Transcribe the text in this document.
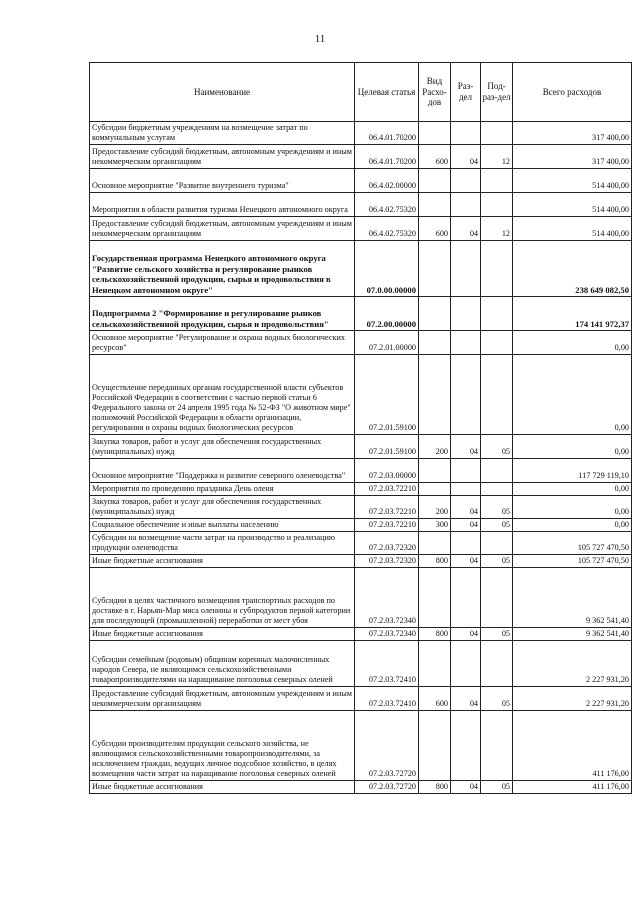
11
Наименование	Целевая статья	Вид Расхо-дов	Раз-дел	Под-раз-дел	Всего расходов
Субсидии бюджетным учреждениям на возмещение затрат по коммунальным услугам	06.4.01.70200				317 400,00
Предоставление субсидий бюджетным, автономным учреждениям и иным некоммерческим организациям	06.4.01.70200	600	04	12	317 400,00
Основное мероприятие "Развитие внутреннего туризма"	06.4.02.00000				514 400,00
Мероприятия в области развития туризма Ненецкого автономного округа	06.4.02.75320				514 400,00
Предоставление субсидий бюджетным, автономным учреждениям и иным некоммерческим организациям	06.4.02.75320	600	04	12	514 400,00
Государственная программа Ненецкого автономного округа "Развитие сельского хозяйства и регулирование рынков сельскохозяйственной продукции, сырья и продовольствия в Ненецком автономном округе"	07.0.00.00000				238 649 082,50
Подпрограмма 2 "Формирование и регулирование рынков сельскохозяйственной продукции, сырья и продовольствия"	07.2.00.00000				174 141 972,37
Основное мероприятие "Регулирование и охрана водных биологических ресурсов"	07.2.01.00000				0,00
Осуществление переданных органам государственной власти субъектов Российской Федерации в соответствии с частью первой статьи 6 Федерального закона от 24 апреля 1995 года № 52-ФЗ "О животном мире" полномочий Российской Федерации в области организации, регулирования и охраны водных биологических ресурсов	07.2.01.59100				0,00
Закупка товаров, работ и услуг для обеспечения государственных (муниципальных) нужд	07.2.01.59100	200	04	05	0,00
Основное мероприятие "Поддержка и развитие северного оленеводства"	07.2.03.00000				117 729 119,10
Мероприятия по проведению праздника День оленя	07.2.03.72210				0,00
Закупка товаров, работ и услуг для обеспечения государственных (муниципальных) нужд	07.2.03.72210	200	04	05	0,00
Социальное обеспечение и иные выплаты населению	07.2.03.72210	300	04	05	0,00
Субсидии на возмещение части затрат на производство и реализацию продукции оленеводства	07.2.03.72320				105 727 470,50
Иные бюджетные ассигнования	07.2.03.72320	800	04	05	105 727 470,50
Субсидии в целях частичного возмещения транспортных расходов по доставке в г. Нарьян-Мар мяса оленины и субпродуктов первой категории для последующей (промышленной) переработки от мест убоя	07.2.03.72340				9 362 541,40
Иные бюджетные ассигнования	07.2.03.72340	800	04	05	9 362 541,40
Субсидии семейным (родовым) общинам коренных малочисленных народов Севера, не являющимся сельскохозяйственными товаропроизводителями на наращивание поголовья северных оленей	07.2.03.72410				2 227 931,20
Предоставление субсидий бюджетным, автономным учреждениям и иным некоммерческим организациям	07.2.03.72410	600	04	05	2 227 931,20
Субсидии производителям продукции сельского хозяйства, не являющимся сельскохозяйственными товаропроизводителями, за исключением граждан, ведущих личное подсобное хозяйство, в целях возмещения части затрат на наращивание поголовья северных оленей	07.2.03.72720				411 176,00
Иные бюджетные ассигнования	07.2.03.72720	800	04	05	411 176,00
